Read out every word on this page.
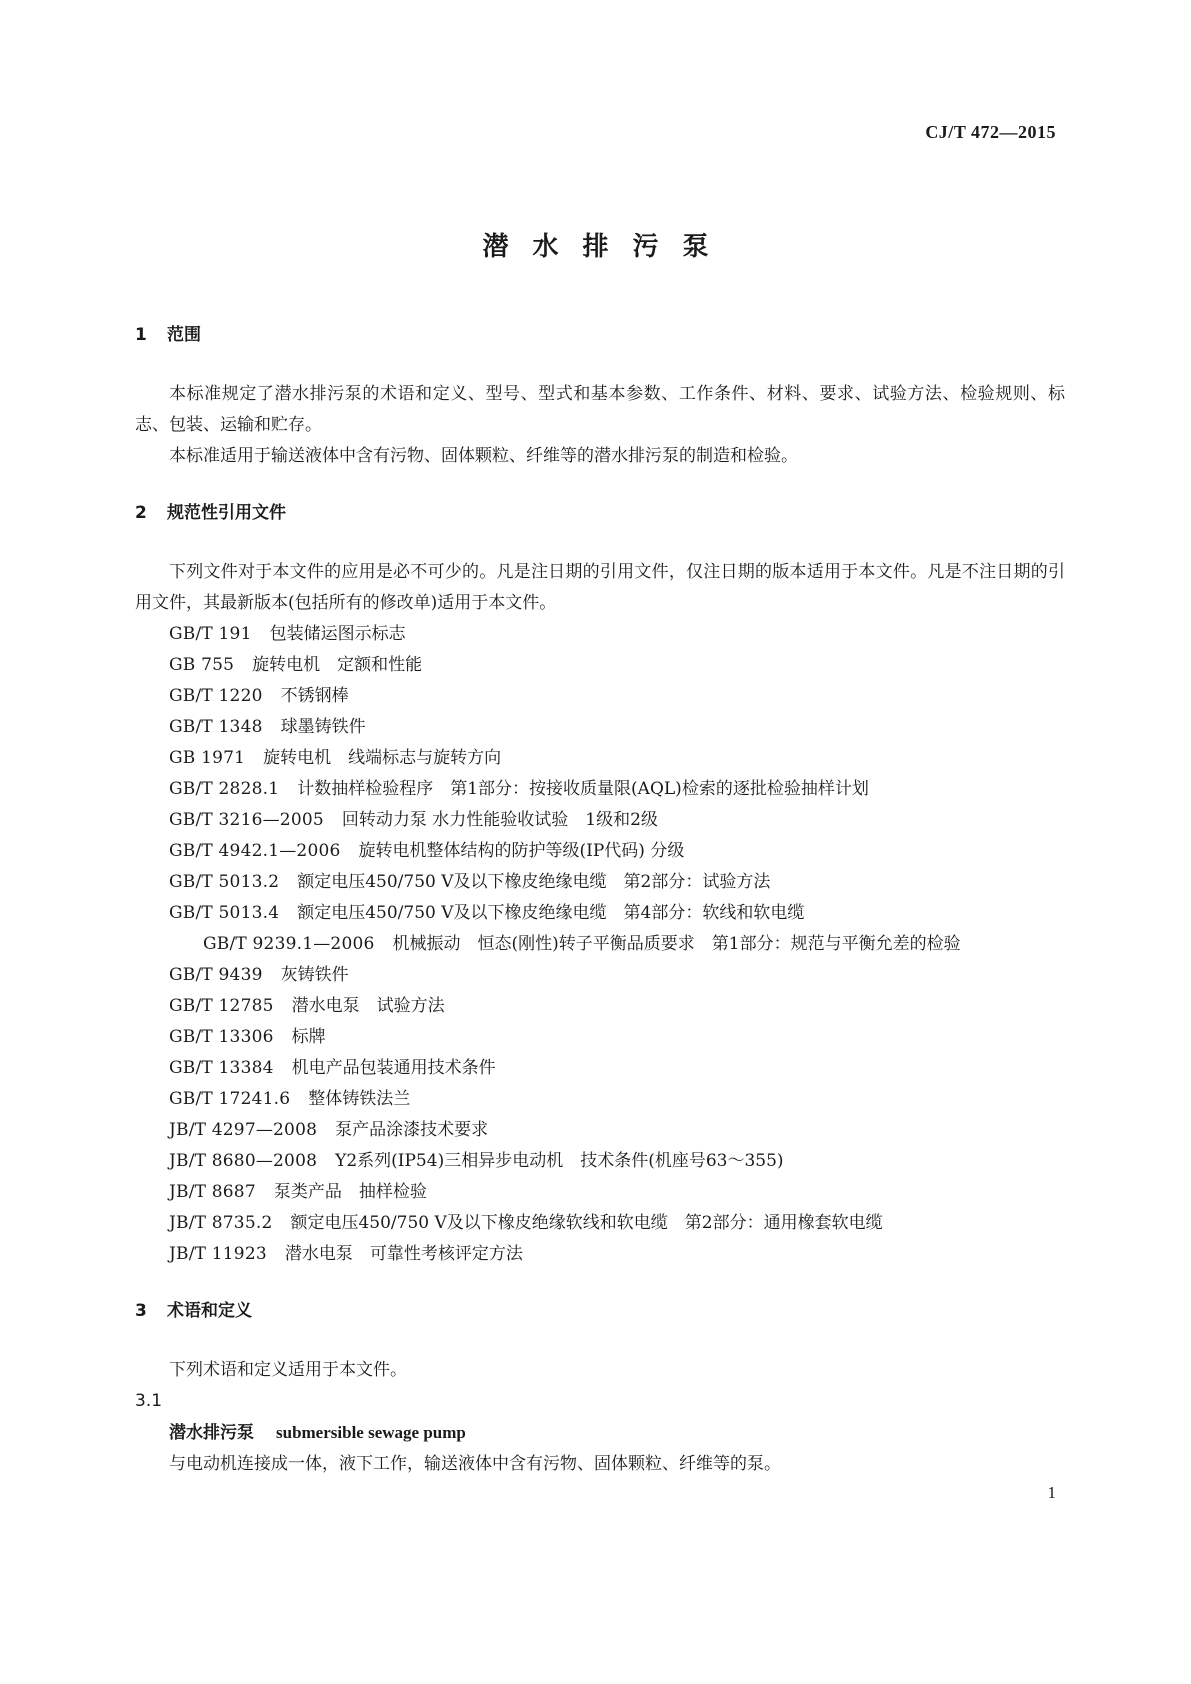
CJ/T 472—2015
潜水排污泵
1 范围

本标准规定了潜水排污泵的术语和定义、型号、型式和基本参数、工作条件、材料、要求、试验方法、检验规则、标志、包装、运输和贮存。

本标准适用于输送液体中含有污物、固体颗粒、纤维等的潜水排污泵的制造和检验。

2 规范性引用文件

下列文件对于本文件的应用是必不可少的。凡是注日期的引用文件，仅注日期的版本适用于本文件。凡是不注日期的引用文件，其最新版本(包括所有的修改单)适用于本文件。

GB/T 191 包装储运图示标志

GB 755 旋转电机　定额和性能

GB/T 1220 不锈钢棒

GB/T 1348 球墨铸铁件

GB 1971 旋转电机　线端标志与旋转方向

GB/T 2828.1 计数抽样检验程序　第1部分：按接收质量限(AQL)检索的逐批检验抽样计划

GB/T 3216—2005 回转动力泵 水力性能验收试验　1级和2级

GB/T 4942.1—2006 旋转电机整体结构的防护等级(IP代码) 分级

GB/T 5013.2 额定电压450/750 V及以下橡皮绝缘电缆　第2部分：试验方法

GB/T 5013.4 额定电压450/750 V及以下橡皮绝缘电缆　第4部分：软线和软电缆

GB/T 9239.1—2006 机械振动　恒态(刚性)转子平衡品质要求　第1部分：规范与平衡允差的检验

GB/T 9439 灰铸铁件

GB/T 12785 潜水电泵　试验方法

GB/T 13306 标牌

GB/T 13384 机电产品包装通用技术条件

GB/T 17241.6 整体铸铁法兰

JB/T 4297—2008 泵产品涂漆技术要求

JB/T 8680—2008 Y2系列(IP54)三相异步电动机　技术条件(机座号63～355)

JB/T 8687 泵类产品　抽样检验

JB/T 8735.2 额定电压450/750 V及以下橡皮绝缘软线和软电缆　第2部分：通用橡套软电缆

JB/T 11923 潜水电泵　可靠性考核评定方法

3 术语和定义

下列术语和定义适用于本文件。

3.1

潜水排污泵 submersible sewage pump

与电动机连接成一体，液下工作，输送液体中含有污物、固体颗粒、纤维等的泵。

1
